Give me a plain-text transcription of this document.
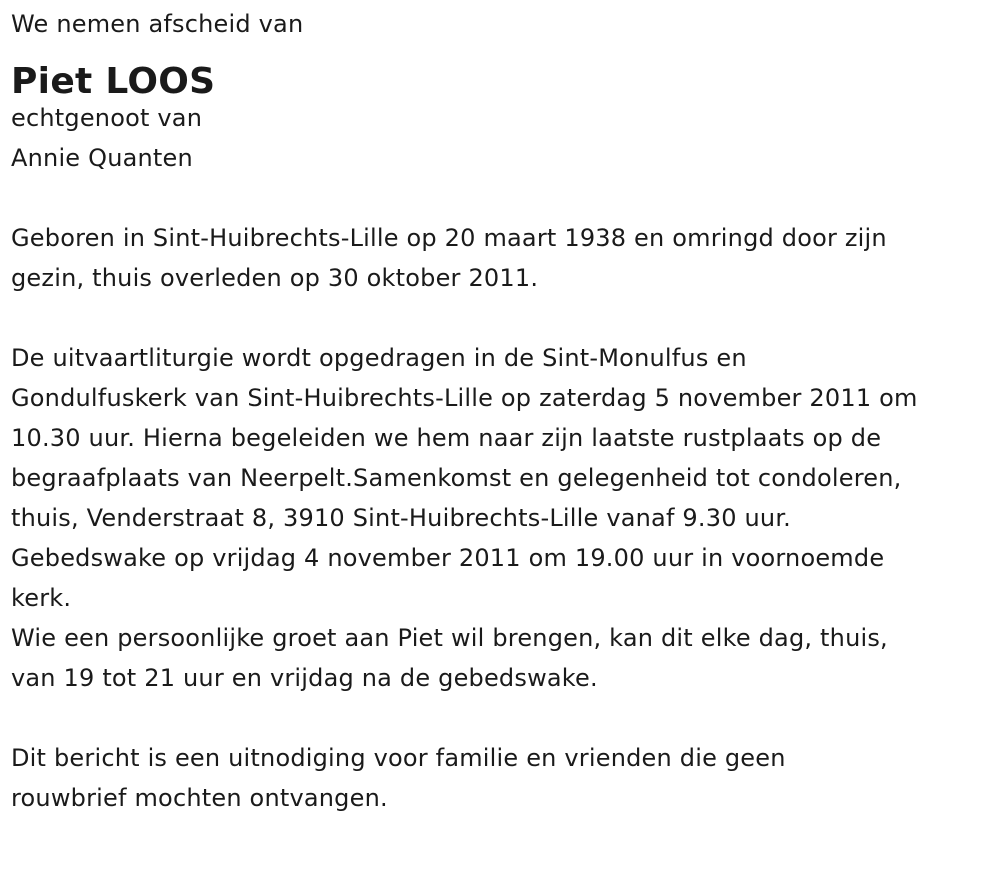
We nemen afscheid van

Piet LOOS

echtgenoot van

Annie Quanten

Geboren in Sint-Huibrechts-Lille op 20 maart 1938 en omringd door zijn

gezin, thuis overleden op 30 oktober 2011.

De uitvaartliturgie wordt opgedragen in de Sint-Monulfus en

Gondulfuskerk van Sint-Huibrechts-Lille op zaterdag 5 november 2011 om

10.30 uur. Hierna begeleiden we hem naar zijn laatste rustplaats op de

begraafplaats van Neerpelt.Samenkomst en gelegenheid tot condoleren,

thuis, Venderstraat 8, 3910 Sint-Huibrechts-Lille vanaf 9.30 uur.

Gebedswake op vrijdag 4 november 2011 om 19.00 uur in voornoemde

kerk.

Wie een persoonlijke groet aan Piet wil brengen, kan dit elke dag, thuis,

van 19 tot 21 uur en vrijdag na de gebedswake.

Dit bericht is een uitnodiging voor familie en vrienden die geen

rouwbrief mochten ontvangen.
